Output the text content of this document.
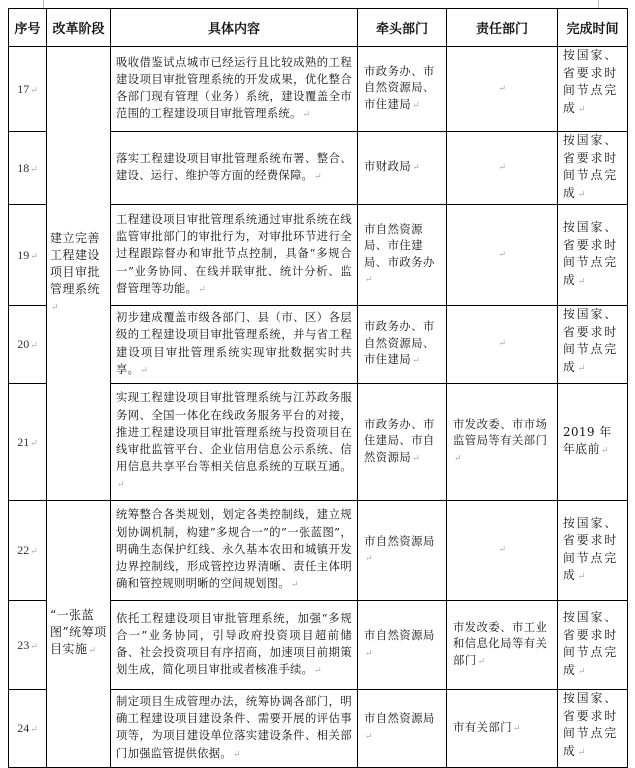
序号	改革阶段	具体内容	牵头部门	责任部门	完成时间
17↵	建立完善工程建设项目审批管理系统↵	吸收借鉴试点城市已经运行且比较成熟的工程建设项目审批管理系统的开发成果，优化整合各部门现有管理（业务）系统，建设覆盖全市范围的工程建设项目审批管理系统。↵	市政务办、市自然资源局、市住建局↵	↵	按国家、省要求时间节点完成↵
18↵		落实工程建设项目审批管理系统布署、整合、建设、运行、维护等方面的经费保障。↵	市财政局↵	↵	按国家、省要求时间节点完成↵
19↵		工程建设项目审批管理系统通过审批系统在线监管审批部门的审批行为，对审批环节进行全过程跟踪督办和审批节点控制，具备“多规合一”业务协同、在线并联审批、统计分析、监督管理等功能。↵	市自然资源局、市住建局、市政务办↵	↵	按国家、省要求时间节点完成↵
20↵		初步建成覆盖市级各部门、县（市、区）各层级的工程建设项目审批管理系统，并与省工程建设项目审批管理系统实现审批数据实时共享。↵	市政务办、市自然资源局、市住建局↵	↵	按国家、省要求时间节点完成↵
21↵		实现工程建设项目审批管理系统与江苏政务服务网、全国一体化在线政务服务平台的对接，推进工程建设项目审批管理系统与投资项目在线审批监管平台、企业信用信息公示系统、信用信息共享平台等相关信息系统的互联互通。↵	市政务办、市住建局、市自然资源局↵	市发改委、市市场监管局等有关部门↵	2019 年年底前↵
22↵	“一张蓝图”统筹项目实施↵	统筹整合各类规划，划定各类控制线，建立规划协调机制，构建“多规合一”的“一张蓝图”，明确生态保护红线、永久基本农田和城镇开发边界控制线，形成管控边界清晰、责任主体明确和管控规则明晰的空间规划图。↵	市自然资源局↵	↵	按国家、省要求时间节点完成↵
23↵		依托工程建设项目审批管理系统，加强“多规合一”业务协同，引导政府投资项目超前储备、社会投资项目有序招商，加速项目前期策划生成，简化项目审批或者核准手续。↵	市自然资源局↵	市发改委、市工业和信息化局等有关部门↵	按国家、省要求时间节点完成↵
24↵		制定项目生成管理办法，统筹协调各部门，明确工程建设项目建设条件、需要开展的评估事项等，为项目建设单位落实建设条件、相关部门加强监管提供依据。↵	市自然资源局↵	市有关部门↵	按国家、省要求时间节点完成↵
